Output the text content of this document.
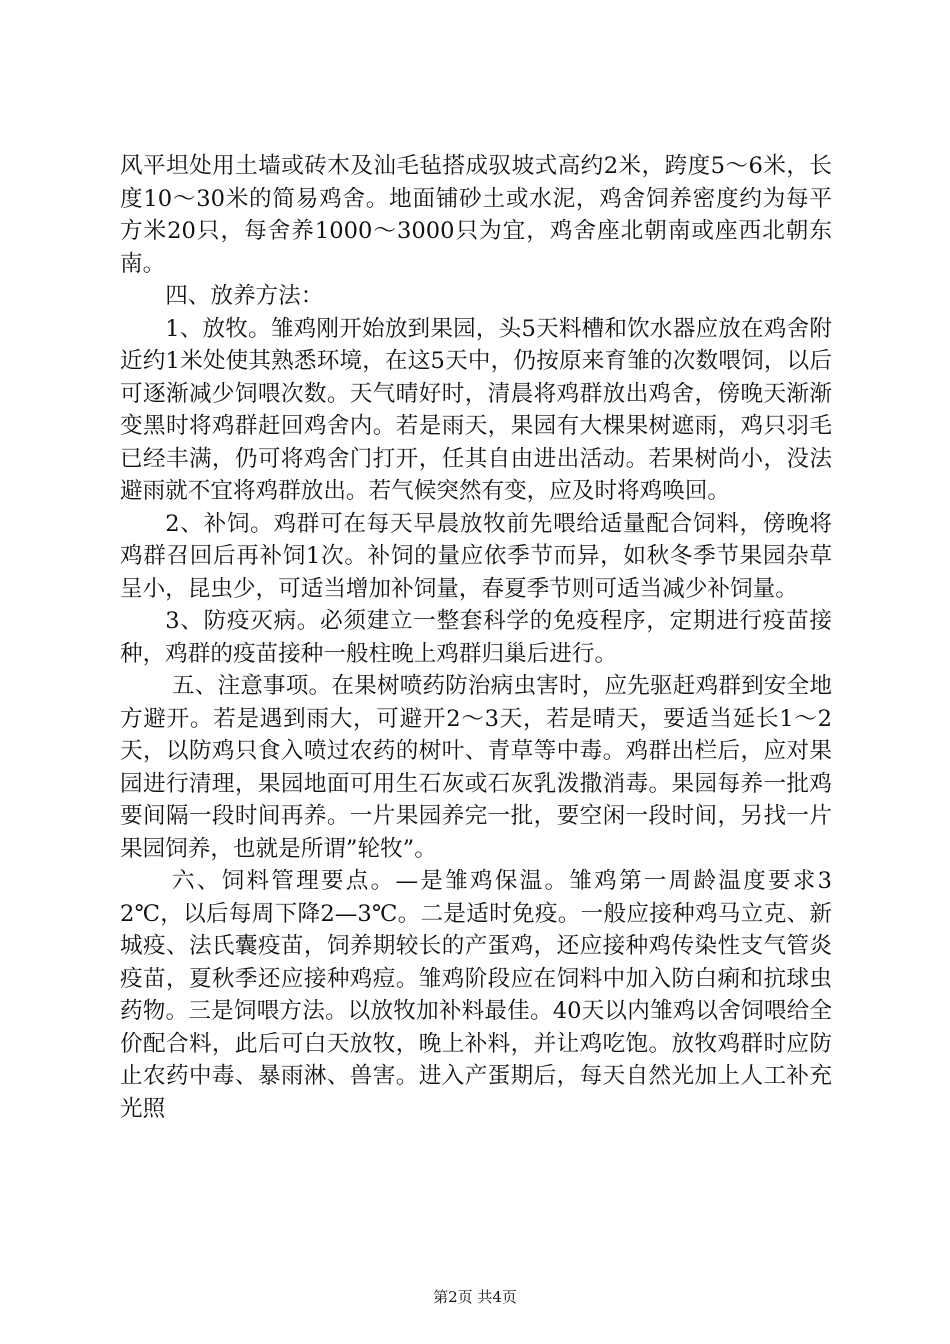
风平坦处用土墙或砖木及汕毛毡搭成驭坡式高约2米，跨度5～6米，长度10～30米的简易鸡舍。地面铺砂土或水泥，鸡舍饲养密度约为每平方米20只，每舍养1000～3000只为宜，鸡舍座北朝南或座西北朝东南。

四、放养方法：

1、放牧。雏鸡刚开始放到果园，头5天料槽和饮水器应放在鸡舍附近约1米处使其熟悉环境，在这5天中，仍按原来育雏的次数喂饲，以后可逐渐减少饲喂次数。天气晴好时，清晨将鸡群放出鸡舍，傍晚天渐渐变黑时将鸡群赶回鸡舍内。若是雨天，果园有大棵果树遮雨，鸡只羽毛已经丰满，仍可将鸡舍门打开，任其自由进出活动。若果树尚小，没法避雨就不宜将鸡群放出。若气候突然有变，应及时将鸡唤回。

2、补饲。鸡群可在每天早晨放牧前先喂给适量配合饲料，傍晚将鸡群召回后再补饲1次。补饲的量应依季节而异，如秋冬季节果园杂草呈小，昆虫少，可适当增加补饲量，春夏季节则可适当减少补饲量。

3、防疫灭病。必须建立一整套科学的免疫程序，定期进行疫苗接种，鸡群的疫苗接种一般柱晚上鸡群归巢后进行。

五、注意事项。在果树喷药防治病虫害时，应先驱赶鸡群到安全地方避开。若是遇到雨大，可避开2～3天，若是晴天，要适当延长1～2天，以防鸡只食入喷过农药的树叶、青草等中毒。鸡群出栏后，应对果园进行清理，果园地面可用生石灰或石灰乳泼撒消毒。果园每养一批鸡要间隔一段时间再养。一片果园养完一批，要空闲一段时间，另找一片果园饲养，也就是所谓”轮牧”。

六、饲料管理要点。—是雏鸡保温。雏鸡第一周龄温度要求32℃，以后每周下降2—3℃。二是适时免疫。一般应接种鸡马立克、新城疫、法氏囊疫苗，饲养期较长的产蛋鸡，还应接种鸡传染性支气管炎疫苗，夏秋季还应接种鸡痘。雏鸡阶段应在饲料中加入防白痢和抗球虫药物。三是饲喂方法。以放牧加补料最佳。40天以内雏鸡以舍饲喂给全价配合料，此后可白天放牧，晚上补料，并让鸡吃饱。放牧鸡群时应防止农药中毒、暴雨淋、兽害。进入产蛋期后，每天自然光加上人工补充光照

第2页 共4页
